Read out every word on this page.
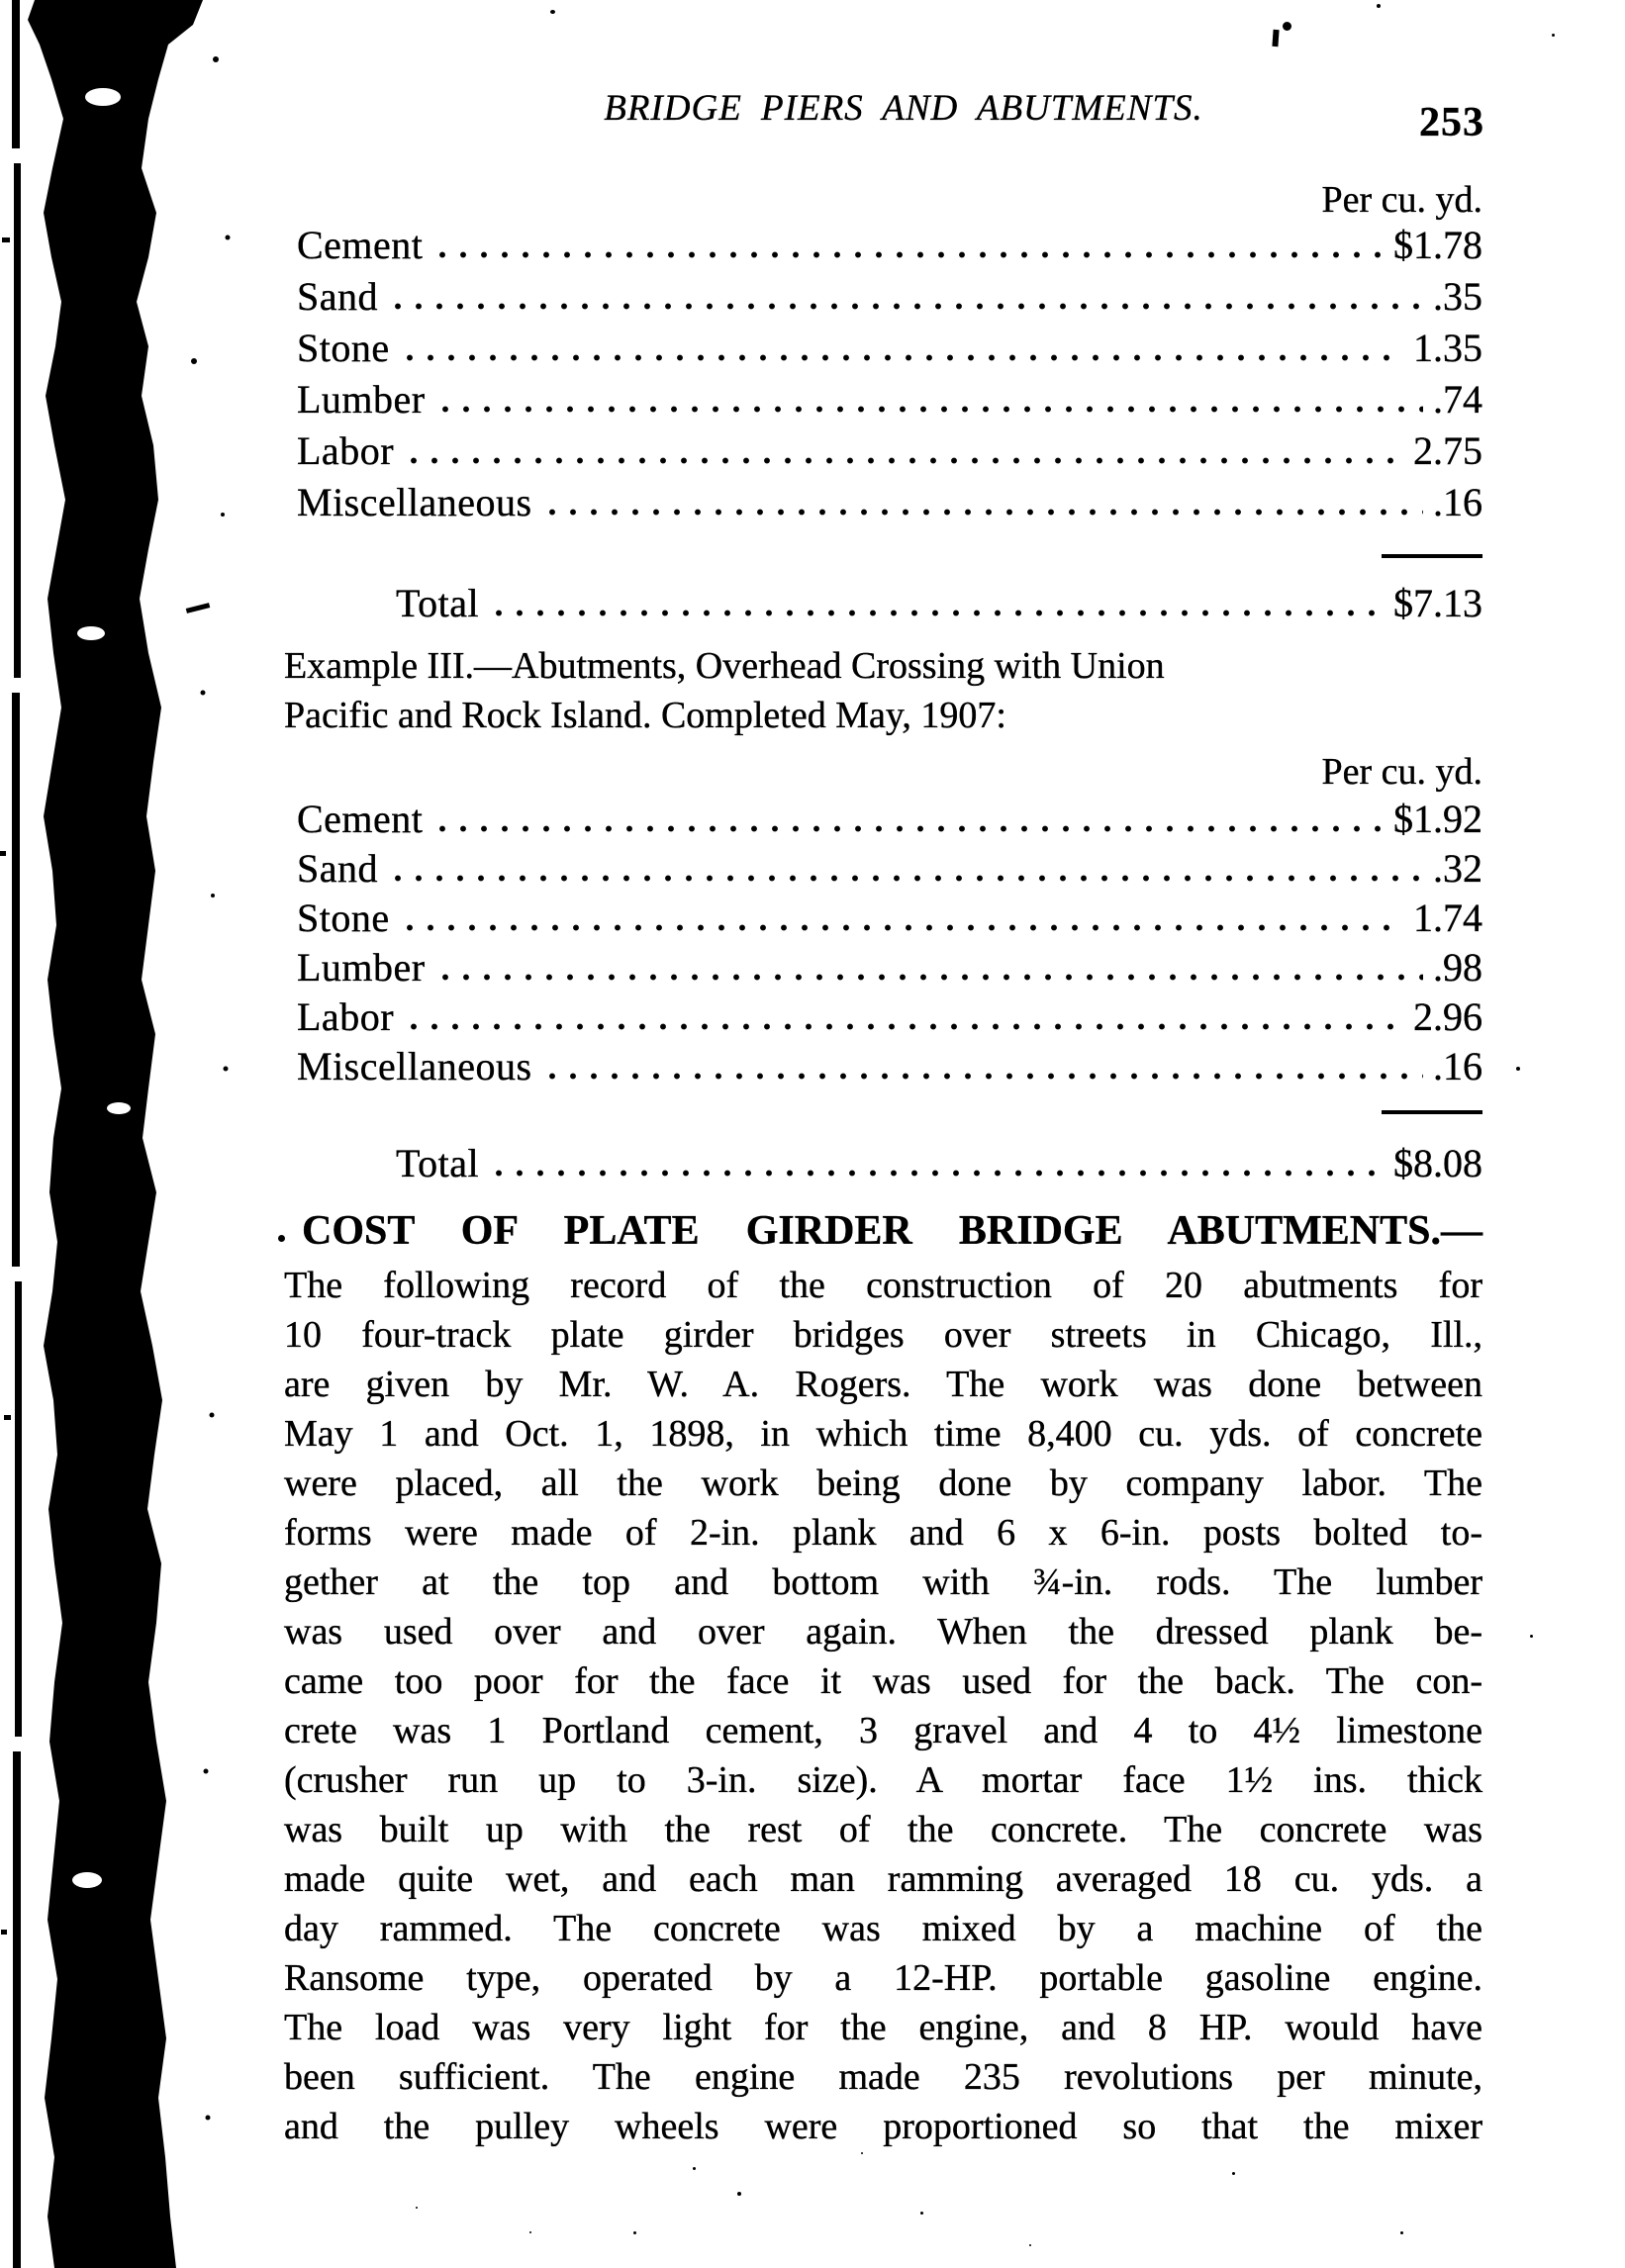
BRIDGE PIERS AND ABUTMENTS.	253
Per cu. yd.
Cement	$1.78
Sand	.35
Stone	1.35
Lumber	.74
Labor	2.75
Miscellaneous	.16
Total	$7.13
Example III.—Abutments, Overhead Crossing with Union
Pacific and Rock Island. Completed May, 1907:
Per cu. yd.
Cement	$1.92
Sand	.32
Stone	1.74
Lumber	.98
Labor	2.96
Miscellaneous	.16
Total	$8.08
COST OF PLATE GIRDER BRIDGE ABUTMENTS.—
The following record of the construction of 20 abutments for
10 four-track plate girder bridges over streets in Chicago, Ill.,
are given by Mr. W. A. Rogers. The work was done between
May 1 and Oct. 1, 1898, in which time 8,400 cu. yds. of concrete
were placed, all the work being done by company labor. The
forms were made of 2-in. plank and 6 x 6-in. posts bolted to-
gether at the top and bottom with ¾-in. rods. The lumber
was used over and over again. When the dressed plank be-
came too poor for the face it was used for the back. The con-
crete was 1 Portland cement, 3 gravel and 4 to 4½ limestone
(crusher run up to 3-in. size). A mortar face 1½ ins. thick
was built up with the rest of the concrete. The concrete was
made quite wet, and each man ramming averaged 18 cu. yds. a
day rammed. The concrete was mixed by a machine of the
Ransome type, operated by a 12-HP. portable gasoline engine.
The load was very light for the engine, and 8 HP. would have
been sufficient. The engine made 235 revolutions per minute,
and the pulley wheels were proportioned so that the mixer
